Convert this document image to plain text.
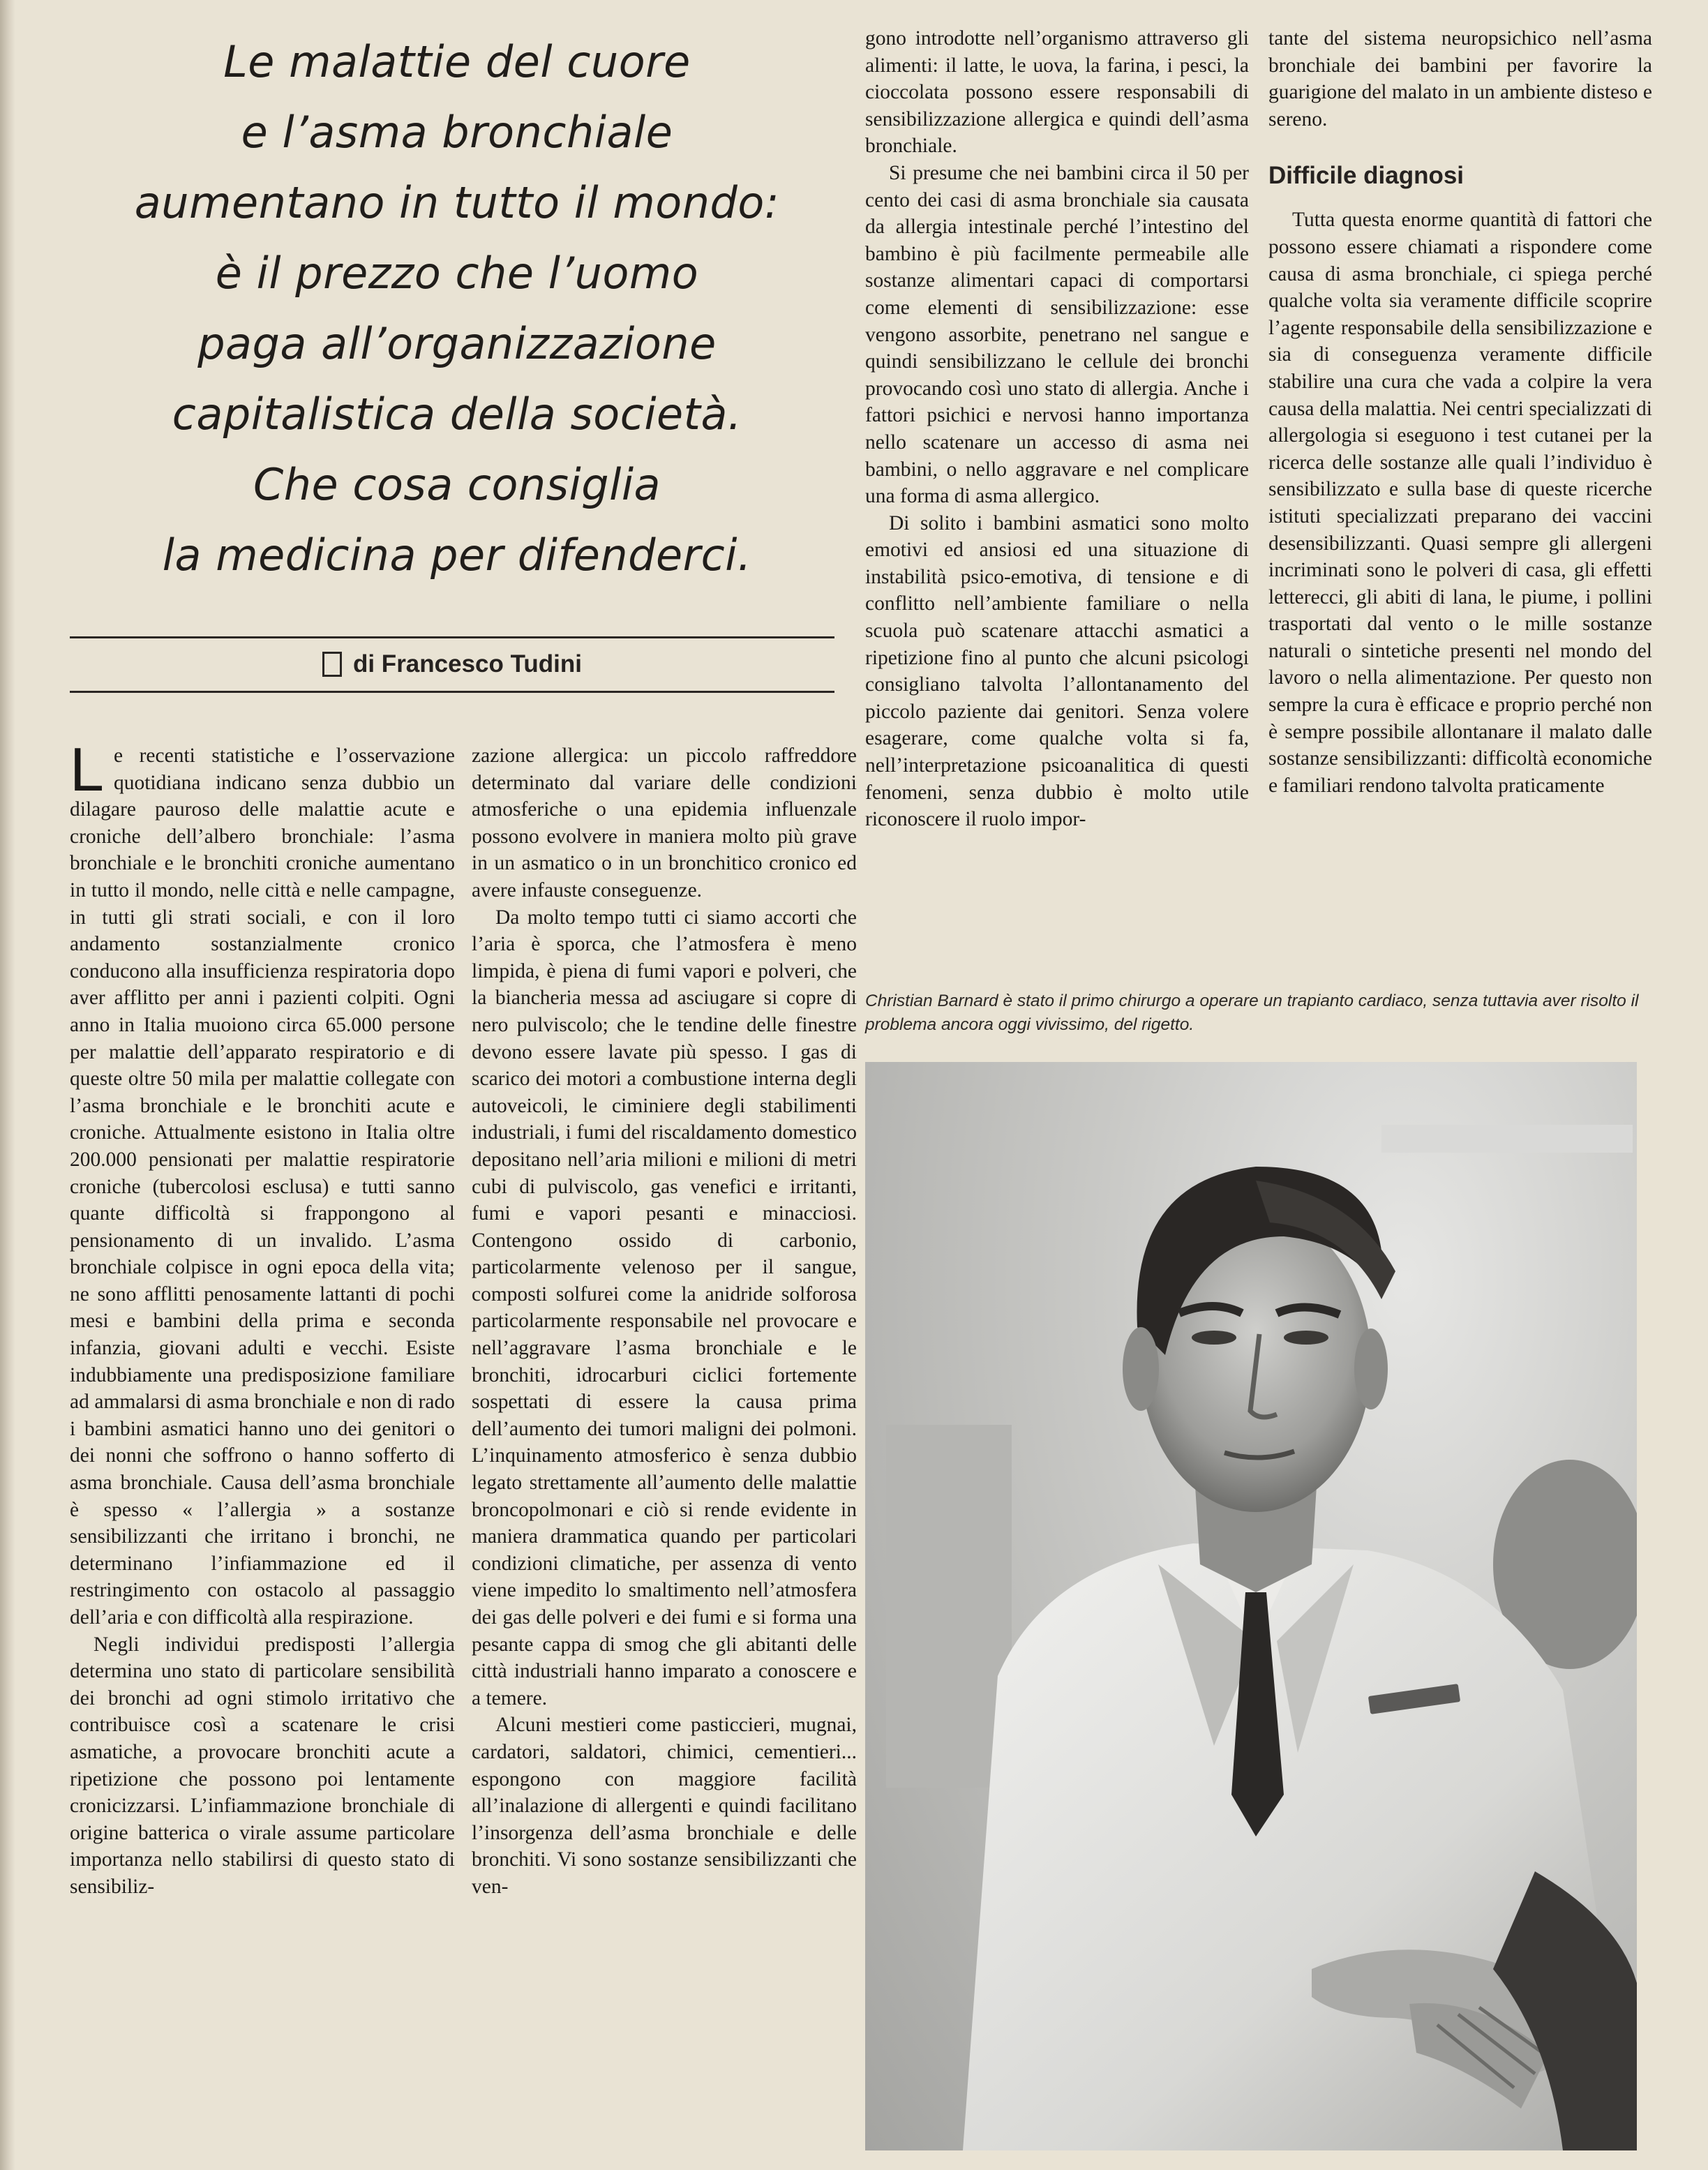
Le malattie del cuore
e l’asma bronchiale
aumentano in tutto il mondo:
è il prezzo che l’uomo
paga all’organizzazione
capitalistica della società.
Che cosa consiglia
la medicina per difenderci.
di Francesco Tudini

Le recenti statistiche e l’osservazione quotidiana indicano senza dubbio un dilagare pauroso delle malattie acute e croniche dell’albero bronchiale: l’asma bronchiale e le bronchiti croniche aumentano in tutto il mondo, nelle città e nelle campagne, in tutti gli strati sociali, e con il loro andamento sostanzialmente cronico conducono alla insufficienza respiratoria dopo aver afflitto per anni i pazienti colpiti. Ogni anno in Italia muoiono circa 65.000 persone per malattie dell’apparato respiratorio e di queste oltre 50 mila per malattie collegate con l’asma bronchiale e le bronchiti acute e croniche. Attualmente esistono in Italia oltre 200.000 pensionati per malattie respiratorie croniche (tubercolosi esclusa) e tutti sanno quante difficoltà si frappongono al pensionamento di un invalido. L’asma bronchiale colpisce in ogni epoca della vita; ne sono afflitti penosamente lattanti di pochi mesi e bambini della prima e seconda infanzia, giovani adulti e vecchi. Esiste indubbiamente una predisposizione familiare ad ammalarsi di asma bronchiale e non di rado i bambini asmatici hanno uno dei genitori o dei nonni che soffrono o hanno sofferto di asma bronchiale. Causa dell’asma bronchiale è spesso « l’allergia » a sostanze sensibilizzanti che irritano i bronchi, ne determinano l’infiammazione ed il restringimento con ostacolo al passaggio dell’aria e con difficoltà alla respirazione.

Negli individui predisposti l’allergia determina uno stato di particolare sensibilità dei bronchi ad ogni stimolo irritativo che contribuisce così a scatenare le crisi asmatiche, a provocare bronchiti acute a ripetizione che possono poi lentamente cronicizzarsi. L’infiammazione bronchiale di origine batterica o virale assume particolare importanza nello stabilirsi di questo stato di sensibiliz-

zazione allergica: un piccolo raffreddore determinato dal variare delle condizioni atmosferiche o una epidemia influenzale possono evolvere in maniera molto più grave in un asmatico o in un bronchitico cronico ed avere infauste conseguenze.

Da molto tempo tutti ci siamo accorti che l’aria è sporca, che l’atmosfera è meno limpida, è piena di fumi vapori e polveri, che la biancheria messa ad asciugare si copre di nero pulviscolo; che le tendine delle finestre devono essere lavate più spesso. I gas di scarico dei motori a combustione interna degli autoveicoli, le ciminiere degli stabilimenti industriali, i fumi del riscaldamento domestico depositano nell’aria milioni e milioni di metri cubi di pulviscolo, gas venefici e irritanti, fumi e vapori pesanti e minacciosi. Contengono ossido di carbonio, particolarmente velenoso per il sangue, composti solfurei come la anidride solforosa particolarmente responsabile nel provocare e nell’aggravare l’asma bronchiale e le bronchiti, idrocarburi ciclici fortemente sospettati di essere la causa prima dell’aumento dei tumori maligni dei polmoni. L’inquinamento atmosferico è senza dubbio legato strettamente all’aumento delle malattie broncopolmonari e ciò si rende evidente in maniera drammatica quando per particolari condizioni climatiche, per assenza di vento viene impedito lo smaltimento nell’atmosfera dei gas delle polveri e dei fumi e si forma una pesante cappa di smog che gli abitanti delle città industriali hanno imparato a conoscere e a temere.

Alcuni mestieri come pasticcieri, mugnai, cardatori, saldatori, chimici, cementieri... espongono con maggiore facilità all’inalazione di allergenti e quindi facilitano l’insorgenza dell’asma bronchiale e delle bronchiti. Vi sono sostanze sensibilizzanti che ven-

gono introdotte nell’organismo attraverso gli alimenti: il latte, le uova, la farina, i pesci, la cioccolata possono essere responsabili di sensibilizzazione allergica e quindi dell’asma bronchiale.

Si presume che nei bambini circa il 50 per cento dei casi di asma bronchiale sia causata da allergia intestinale perché l’intestino del bambino è più facilmente permeabile alle sostanze alimentari capaci di comportarsi come elementi di sensibilizzazione: esse vengono assorbite, penetrano nel sangue e quindi sensibilizzano le cellule dei bronchi provocando così uno stato di allergia. Anche i fattori psichici e nervosi hanno importanza nello scatenare un accesso di asma nei bambini, o nello aggravare e nel complicare una forma di asma allergico.

Di solito i bambini asmatici sono molto emotivi ed ansiosi ed una situazione di instabilità psico-emotiva, di tensione e di conflitto nell’ambiente familiare o nella scuola può scatenare attacchi asmatici a ripetizione fino al punto che alcuni psicologi consigliano talvolta l’allontanamento del piccolo paziente dai genitori. Senza volere esagerare, come qualche volta si fa, nell’interpretazione psicoanalitica di questi fenomeni, senza dubbio è molto utile riconoscere il ruolo impor-

tante del sistema neuropsichico nell’asma bronchiale dei bambini per favorire la guarigione del malato in un ambiente disteso e sereno.

Difficile diagnosi

Tutta questa enorme quantità di fattori che possono essere chiamati a rispondere come causa di asma bronchiale, ci spiega perché qualche volta sia veramente difficile scoprire l’agente responsabile della sensibilizzazione e sia di conseguenza veramente difficile stabilire una cura che vada a colpire la vera causa della malattia. Nei centri specializzati di allergologia si eseguono i test cutanei per la ricerca delle sostanze alle quali l’individuo è sensibilizzato e sulla base di queste ricerche istituti specializzati preparano dei vaccini desensibilizzanti. Quasi sempre gli allergeni incriminati sono le polveri di casa, gli effetti letterecci, gli abiti di lana, le piume, i pollini trasportati dal vento o le mille sostanze naturali o sintetiche presenti nel mondo del lavoro o nella alimentazione. Per questo non sempre la cura è efficace e proprio perché non è sempre possibile allontanare il malato dalle sostanze sensibilizzanti: difficoltà economiche e familiari rendono talvolta praticamente

Christian Barnard è stato il primo chirurgo a operare un trapianto cardiaco, senza tuttavia aver risolto il problema ancora oggi vivissimo, del rigetto.
